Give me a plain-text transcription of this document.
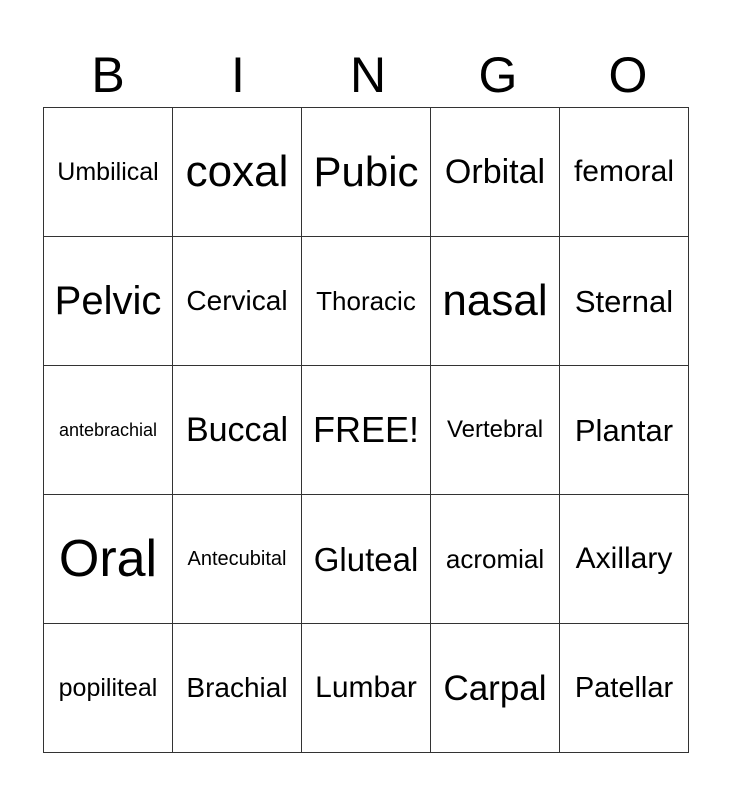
B	I	N	G	O
Umbilical	coxal	Pubic	Orbital	femoral
Pelvic	Cervical	Thoracic	nasal	Sternal
antebrachial	Buccal	FREE!	Vertebral	Plantar
Oral	Antecubital	Gluteal	acromial	Axillary
popiliteal	Brachial	Lumbar	Carpal	Patellar
